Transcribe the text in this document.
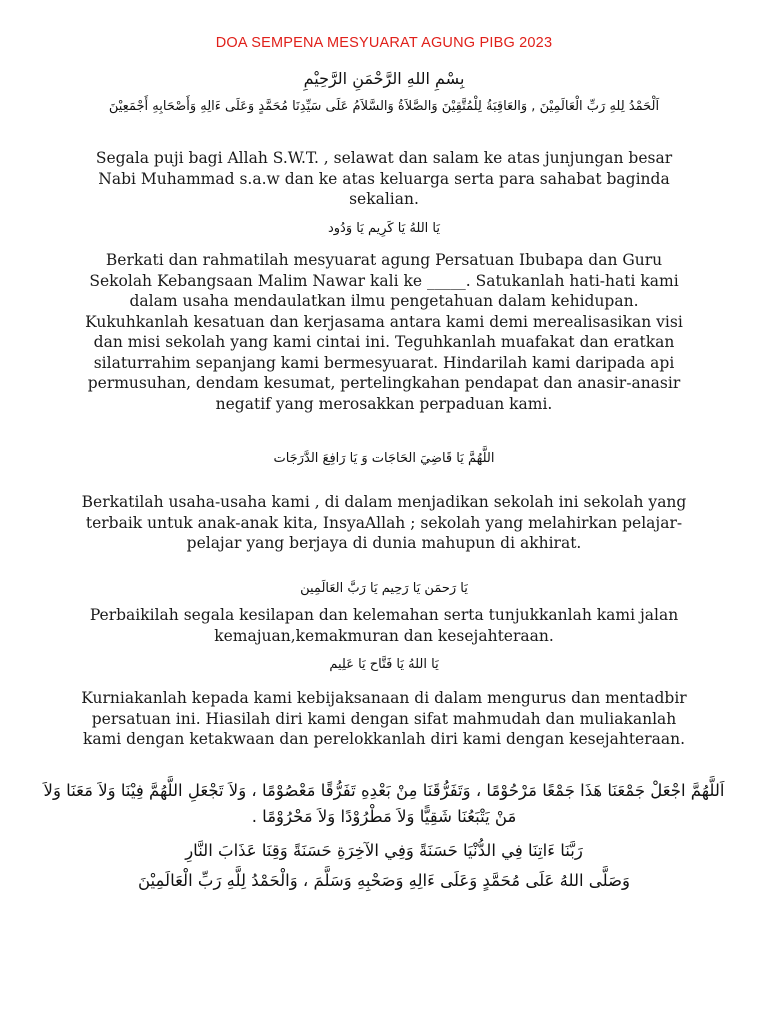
DOA SEMPENA MESYUARAT AGUNG PIBG 2023
بِسْمِ اللهِ الرَّحْمَنِ الرَّحِيْمِ
اَلْحَمْدُ لِلهِ رَبِّ الْعَالَمِيْنَ , وَالعَاقِبَةُ لِلْمُتَّقِيْنَ وَالصَّلاَةُ وَالسَّلاَمُ عَلَى سَيِّدِنَا مُحَمَّدٍ وَعَلَى ءَالِهِ وَأَصْحَابِهِ أَجْمَعِيْنَ
Segala puji bagi Allah S.W.T. , selawat dan salam ke atas junjungan besar Nabi Muhammad s.a.w dan ke atas keluarga serta para sahabat baginda sekalian.
يَا اللهُ يَا كَرِيم يَا وَدُود
Berkati dan rahmatilah mesyuarat agung Persatuan Ibubapa dan Guru Sekolah Kebangsaan Malim Nawar kali ke _____. Satukanlah hati-hati kami dalam usaha mendaulatkan ilmu pengetahuan dalam kehidupan. Kukuhkanlah kesatuan dan kerjasama antara kami demi merealisasikan visi dan misi sekolah yang kami cintai ini. Teguhkanlah muafakat dan eratkan silaturrahim sepanjang kami bermesyuarat. Hindarilah kami daripada api permusuhan, dendam kesumat, pertelingkahan pendapat dan anasir-anasir negatif yang merosakkan perpaduan kami.
اللَّهُمَّ يَا قَاضِيَ الحَاجَات وَ يَا رَافِعَ الدَّرَجَات
Berkatilah usaha-usaha kami , di dalam menjadikan sekolah ini sekolah yang terbaik untuk anak-anak kita, InsyaAllah ; sekolah yang melahirkan pelajar-pelajar yang berjaya di dunia mahupun di akhirat.
يَا رَحمَن يَا رَحِيم يَا رَبَّ العَالَمِين
Perbaikilah segala kesilapan dan kelemahan serta tunjukkanlah kami jalan kemajuan,kemakmuran dan kesejahteraan.
يَا اللهُ يَا فَتَّاح يَا عَلِيم
Kurniakanlah kepada kami kebijaksanaan di dalam mengurus dan mentadbir persatuan ini. Hiasilah diri kami dengan sifat mahmudah dan muliakanlah kami dengan ketakwaan dan perelokkanlah diri kami dengan kesejahteraan.
اَللَّهُمَّ اجْعَلْ جَمْعَنَا هَذَا جَمْعًا مَرْحُوْمًا ، وَتَفَرُّقَنَا مِنْ بَعْدِهِ تَفَرُّقًا مَعْصُوْمًا ، وَلاَ تَجْعَلِ اللَّهُمَّ فِيْنَا وَلاَ مَعَنَا وَلاَ مَنْ يَتْبَعُنَا شَقِيًّا وَلاَ مَطْرُوْدًا وَلاَ مَحْرُوْمًا .
رَبَّنَا ءَاتِنَا فِي الدُّنْيَا حَسَنَةً وَفِي الآخِرَةِ حَسَنَةً وَقِنَا عَذَابَ النَّارِ
وَصَلَّى اللهُ عَلَى مُحَمَّدٍ وَعَلَى ءَالِهِ وَصَحْبِهِ وَسَلَّمَ ، وَالْحَمْدُ لِلَّهِ رَبِّ الْعَالَمِيْنَ
